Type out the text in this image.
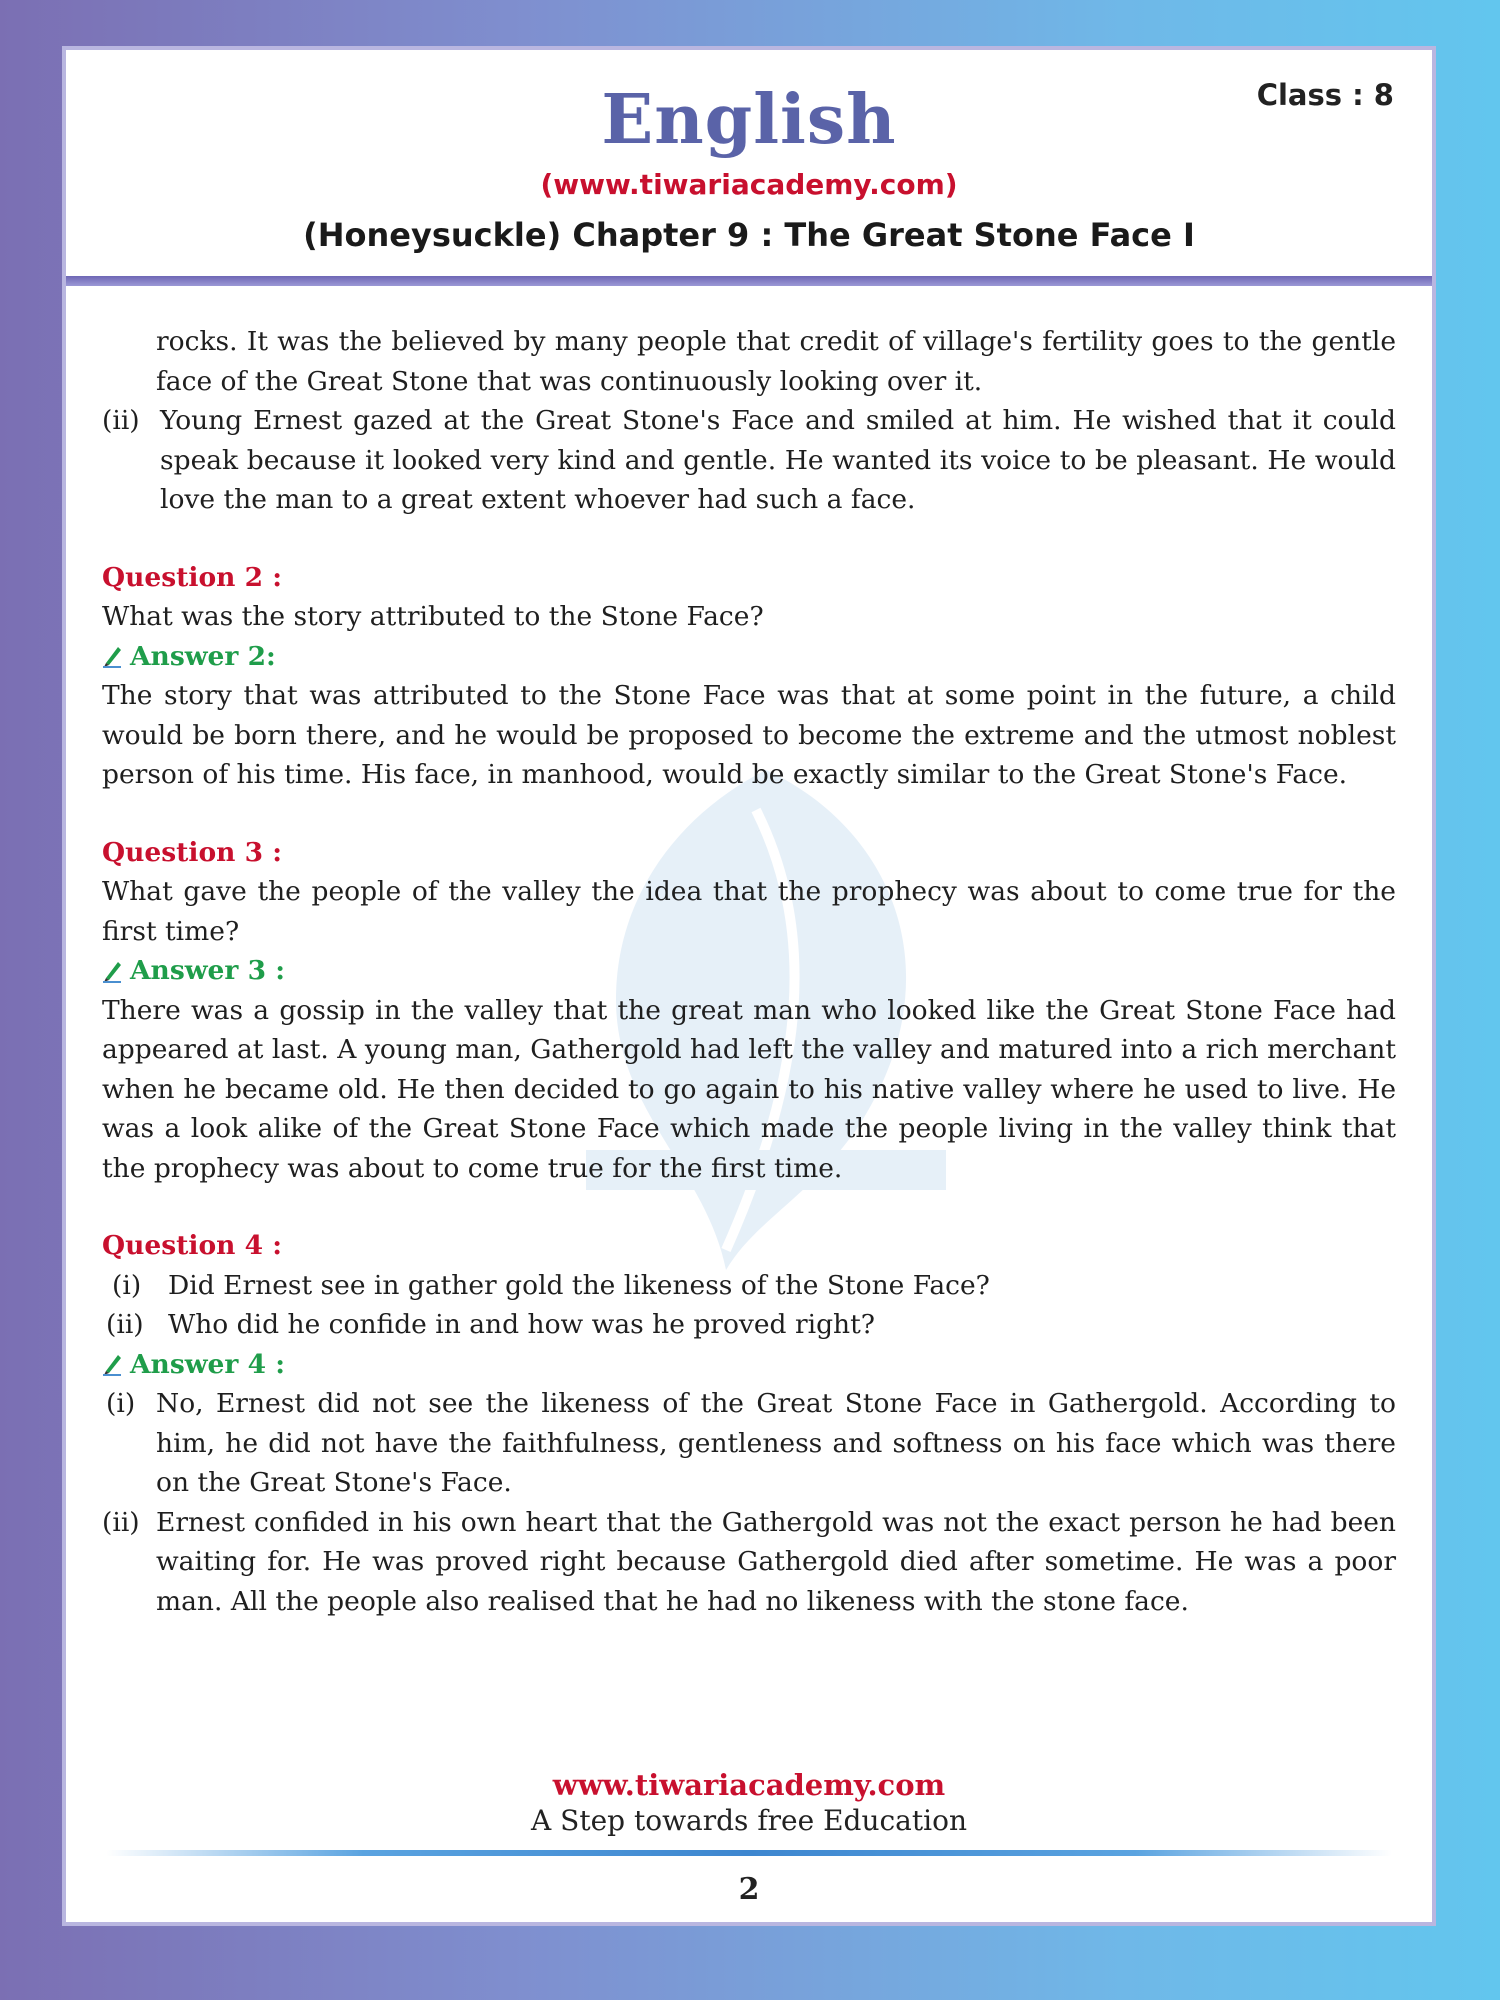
English	Class : 8
(www.tiwariacademy.com)
(Honeysuckle) Chapter 9 : The Great Stone Face I

rocks. It was the believed by many people that credit of village's fertility goes to the gentle face of the Great Stone that was continuously looking over it.

(ii) Young Ernest gazed at the Great Stone's Face and smiled at him. He wished that it could speak because it looked very kind and gentle. He wanted its voice to be pleasant. He would love the man to a great extent whoever had such a face.

Question 2 :

What was the story attributed to the Stone Face?

Answer 2:

The story that was attributed to the Stone Face was that at some point in the future, a child would be born there, and he would be proposed to become the extreme and the utmost noblest person of his time. His face, in manhood, would be exactly similar to the Great Stone's Face.

Question 3 :

What gave the people of the valley the idea that the prophecy was about to come true for the first time?

Answer 3 :

There was a gossip in the valley that the great man who looked like the Great Stone Face had appeared at last. A young man, Gathergold had left the valley and matured into a rich merchant when he became old. He then decided to go again to his native valley where he used to live. He was a look alike of the Great Stone Face which made the people living in the valley think that the prophecy was about to come true for the first time.

Question 4 :

(i) Did Ernest see in gather gold the likeness of the Stone Face?

(ii) Who did he confide in and how was he proved right?

Answer 4 :
(i) No, Ernest did not see the likeness of the Great Stone Face in Gathergold. According to him, he did not have the faithfulness, gentleness and softness on his face which was there on the Great Stone's Face.

(ii) Ernest confided in his own heart that the Gathergold was not the exact person he had been waiting for. He was proved right because Gathergold died after sometime. He was a poor man. All the people also realised that he had no likeness with the stone face.

www.tiwariacademy.com
A Step towards free Education
2
